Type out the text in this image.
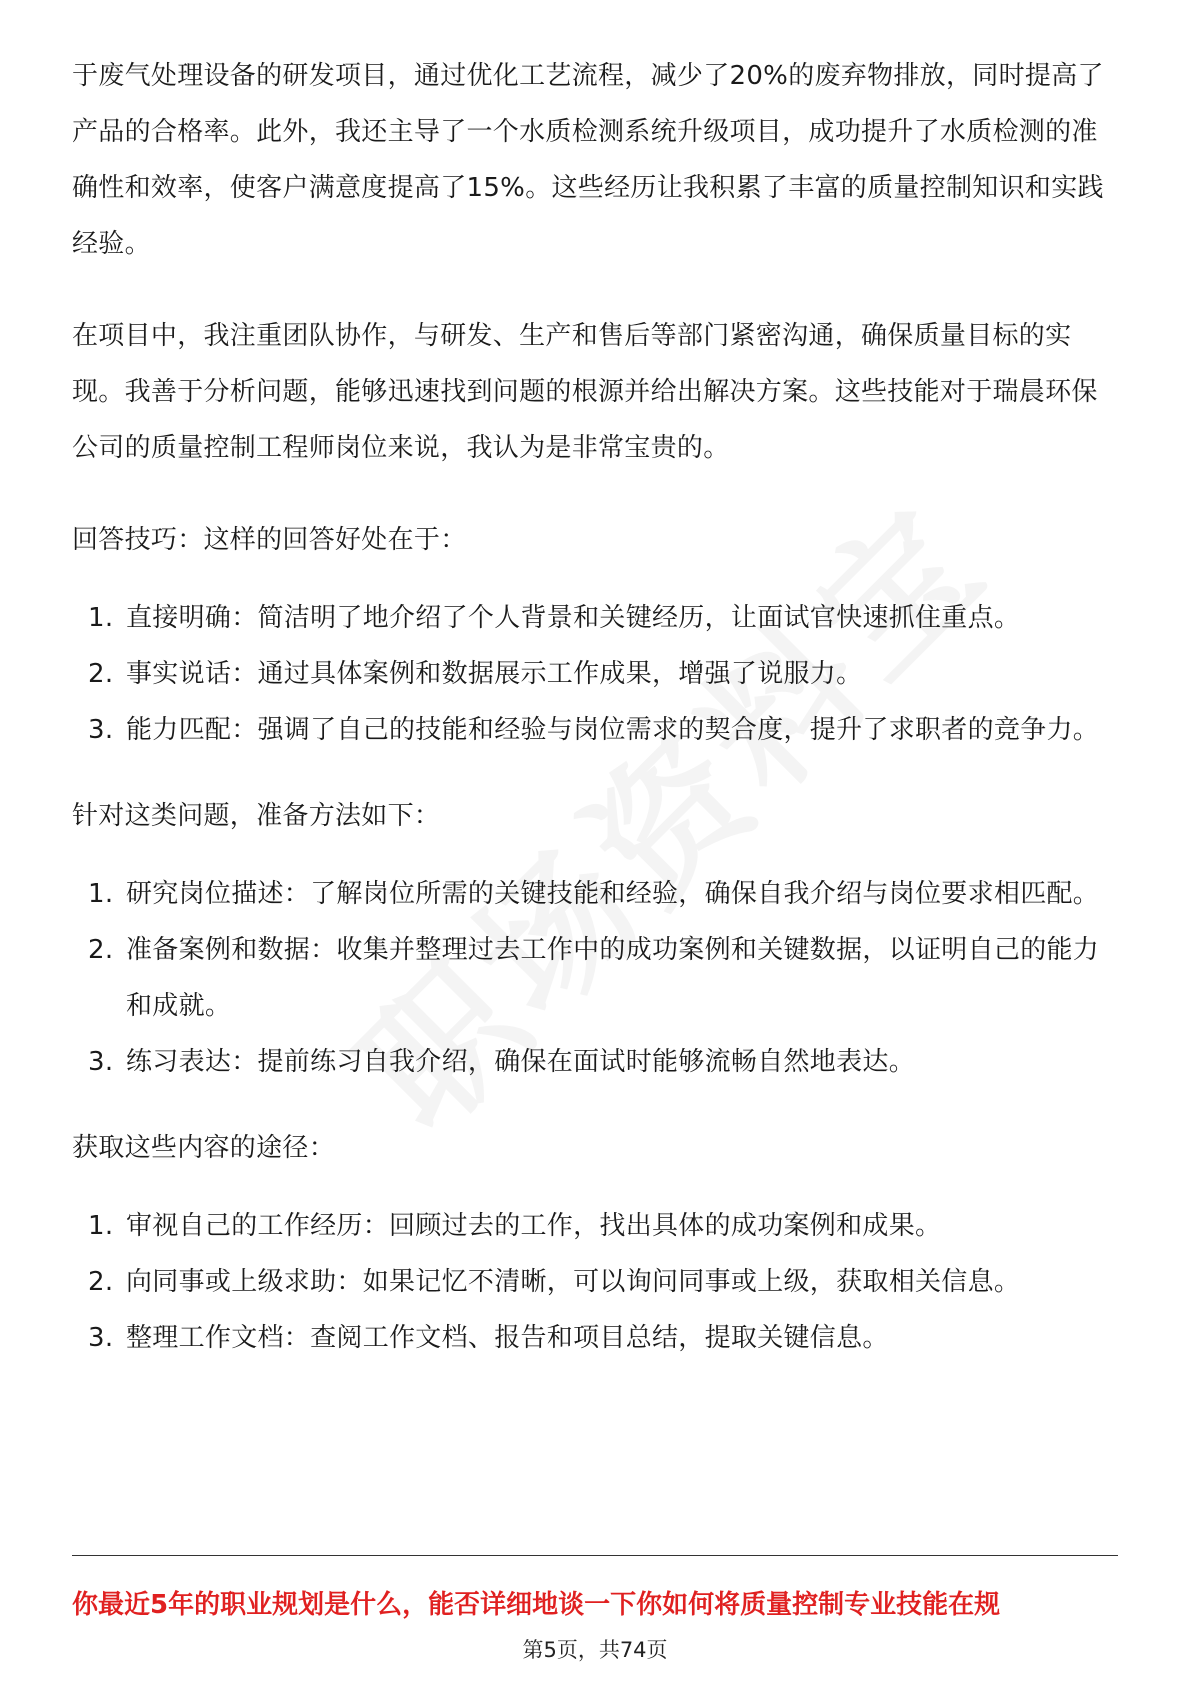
于废气处理设备的研发项目，通过优化工艺流程，减少了20%的废弃物排放，同时提高了产品的合格率。此外，我还主导了一个水质检测系统升级项目，成功提升了水质检测的准确性和效率，使客户满意度提高了15%。这些经历让我积累了丰富的质量控制知识和实践经验。

在项目中，我注重团队协作，与研发、生产和售后等部门紧密沟通，确保质量目标的实现。我善于分析问题，能够迅速找到问题的根源并给出解决方案。这些技能对于瑞晨环保公司的质量控制工程师岗位来说，我认为是非常宝贵的。

回答技巧：这样的回答好处在于：

1. 直接明确：简洁明了地介绍了个人背景和关键经历，让面试官快速抓住重点。
2. 事实说话：通过具体案例和数据展示工作成果，增强了说服力。
3. 能力匹配：强调了自己的技能和经验与岗位需求的契合度，提升了求职者的竞争力。

针对这类问题，准备方法如下：

1. 研究岗位描述：了解岗位所需的关键技能和经验，确保自我介绍与岗位要求相匹配。
2. 准备案例和数据：收集并整理过去工作中的成功案例和关键数据，以证明自己的能力和成就。
3. 练习表达：提前练习自我介绍，确保在面试时能够流畅自然地表达。

获取这些内容的途径：

1. 审视自己的工作经历：回顾过去的工作，找出具体的成功案例和成果。
2. 向同事或上级求助：如果记忆不清晰，可以询问同事或上级，获取相关信息。
3. 整理工作文档：查阅工作文档、报告和项目总结，提取关键信息。
你最近5年的职业规划是什么，能否详细地谈一下你如何将质量控制专业技能在规
第5页，共74页
